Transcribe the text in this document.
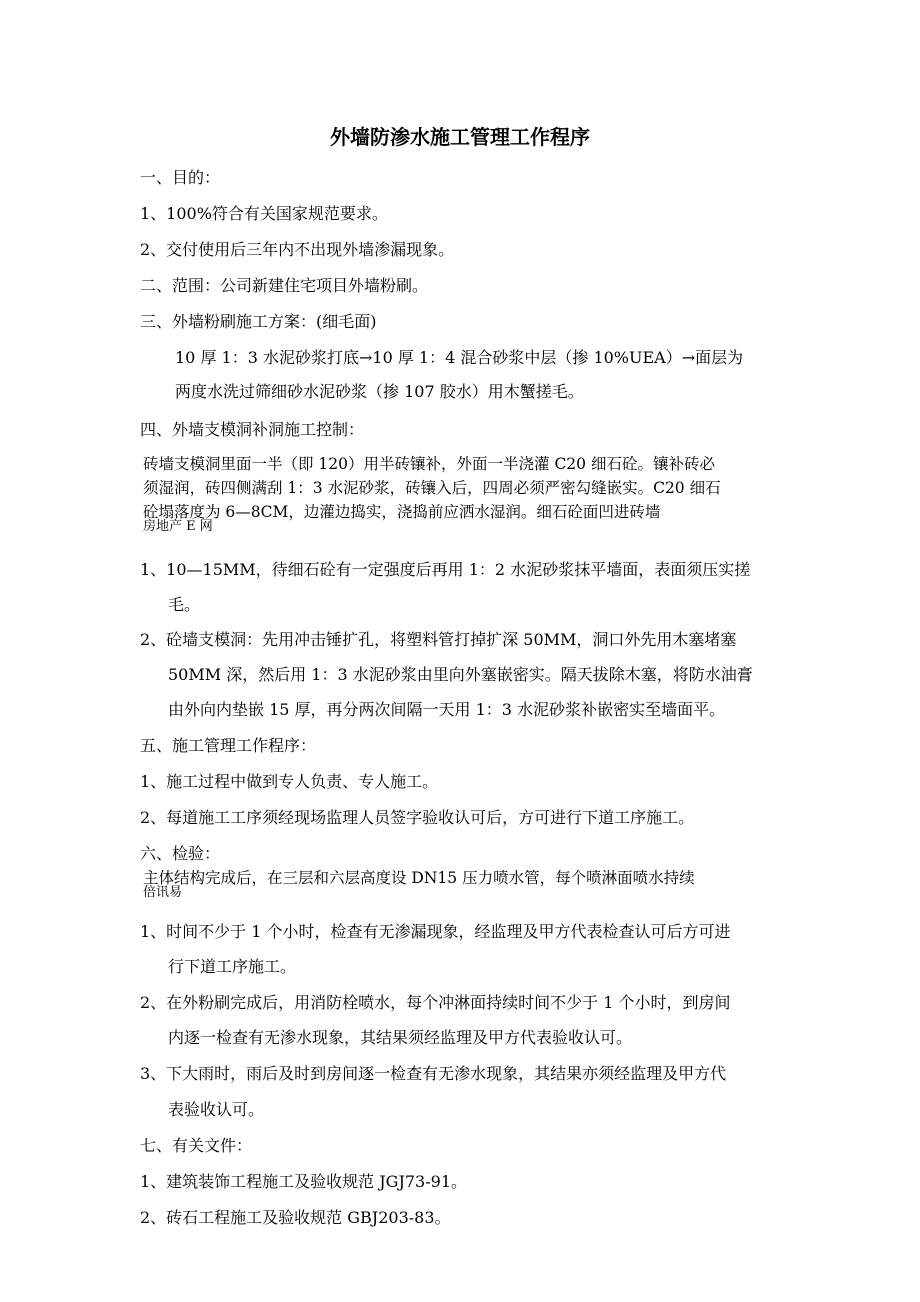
外墙防渗水施工管理工作程序
一、目的：
1、100%符合有关国家规范要求。
2、交付使用后三年内不出现外墙渗漏现象。
二、范围：公司新建住宅项目外墙粉刷。
三、外墙粉刷施工方案：(细毛面)
10 厚 1：3 水泥砂浆打底→10 厚 1：4 混合砂浆中层（掺 10%UEA）→面层为
两度水洗过筛细砂水泥砂浆（掺 107 胶水）用木蟹搓毛。
四、外墙支模洞补洞施工控制：
砖墙支模洞里面一半（即 120）用半砖镶补，外面一半浇灌 C20 细石砼。镶补砖必
须湿润，砖四侧满刮 1：3 水泥砂浆，砖镶入后，四周必须严密勾缝嵌实。C20 细石
砼塌落度为 6—8CM，边灌边捣实，浇捣前应洒水湿润。细石砼面凹进砖墙
房地产 E 网
1、10—15MM，待细石砼有一定强度后再用 1：2 水泥砂浆抹平墙面，表面须压实搓
毛。
2、砼墙支模洞：先用冲击锤扩孔，将塑料管打掉扩深 50MM，洞口外先用木塞堵塞
50MM 深，然后用 1：3 水泥砂浆由里向外塞嵌密实。隔天拔除木塞，将防水油膏
由外向内垫嵌 15 厚，再分两次间隔一天用 1：3 水泥砂浆补嵌密实至墙面平。
五、施工管理工作程序：
1、施工过程中做到专人负责、专人施工。
2、每道施工工序须经现场监理人员签字验收认可后，方可进行下道工序施工。
六、检验：
主体结构完成后，在三层和六层高度设 DN15 压力喷水管，每个喷淋面喷水持续
倍讯易
1、时间不少于 1 个小时，检查有无渗漏现象，经监理及甲方代表检查认可后方可进
行下道工序施工。
2、在外粉刷完成后，用消防栓喷水，每个冲淋面持续时间不少于 1 个小时，到房间
内逐一检查有无渗水现象，其结果须经监理及甲方代表验收认可。
3、下大雨时，雨后及时到房间逐一检查有无渗水现象，其结果亦须经监理及甲方代
表验收认可。
七、有关文件：
1、建筑装饰工程施工及验收规范 JGJ73-91。
2、砖石工程施工及验收规范 GBJ203-83。
